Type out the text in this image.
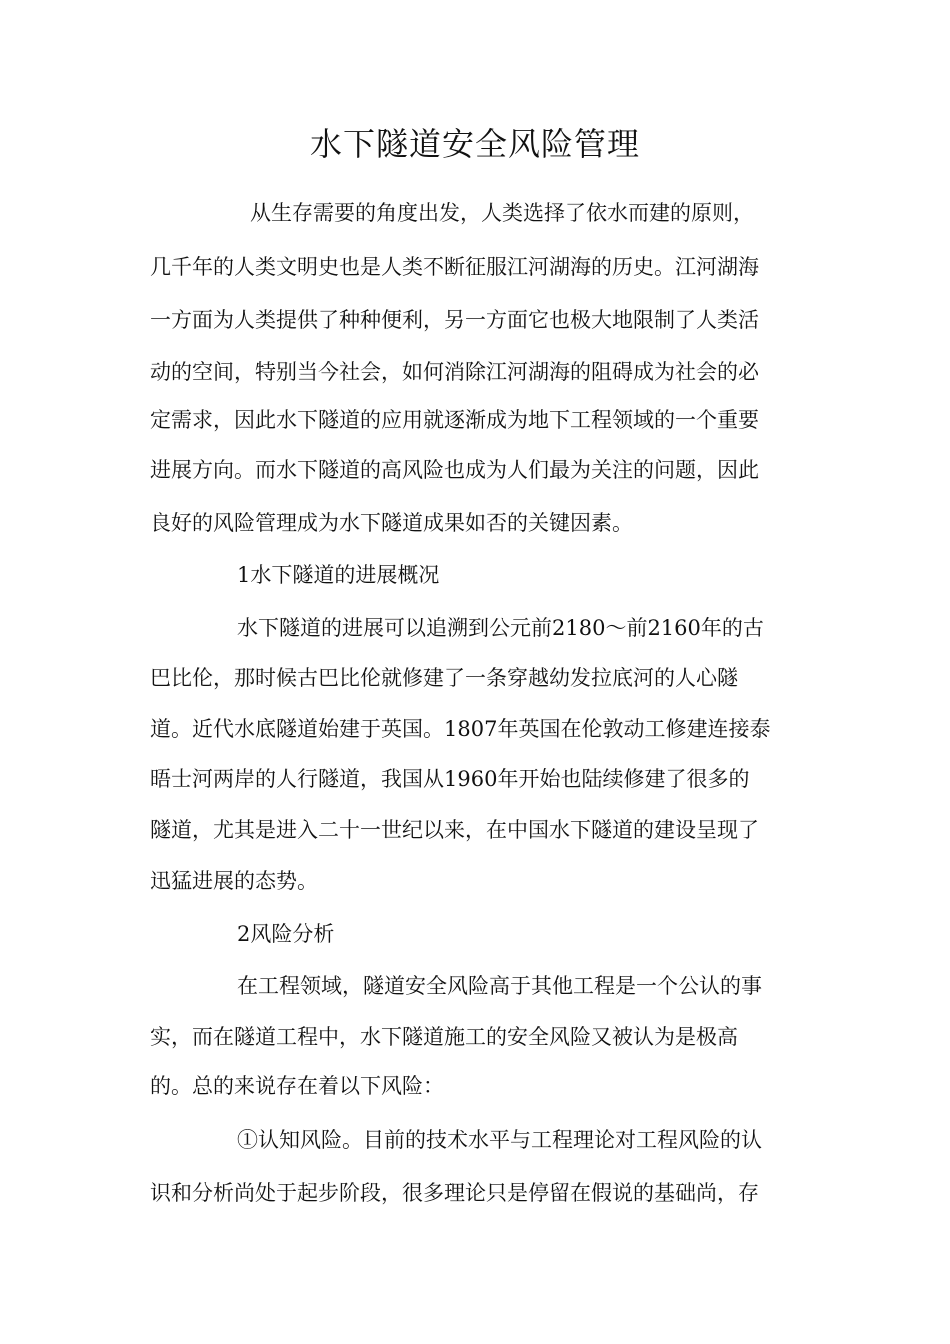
水下隧道安全风险管理

从生存需要的角度出发，人类选择了依水而建的原则，

几千年的人类文明史也是人类不断征服江河湖海的历史。江河湖海

一方面为人类提供了种种便利，另一方面它也极大地限制了人类活

动的空间，特别当今社会，如何消除江河湖海的阻碍成为社会的必

定需求，因此水下隧道的应用就逐渐成为地下工程领域的一个重要

进展方向。而水下隧道的高风险也成为人们最为关注的问题，因此

良好的风险管理成为水下隧道成果如否的关键因素。

1水下隧道的进展概况

水下隧道的进展可以追溯到公元前2180～前2160年的古

巴比伦，那时候古巴比伦就修建了一条穿越幼发拉底河的人心隧

道。近代水底隧道始建于英国。1807年英国在伦敦动工修建连接泰

晤士河两岸的人行隧道，我国从1960年开始也陆续修建了很多的

隧道，尤其是进入二十一世纪以来，在中国水下隧道的建设呈现了

迅猛进展的态势。

2风险分析

在工程领域，隧道安全风险高于其他工程是一个公认的事

实，而在隧道工程中，水下隧道施工的安全风险又被认为是极高

的。总的来说存在着以下风险：

①认知风险。目前的技术水平与工程理论对工程风险的认

识和分析尚处于起步阶段，很多理论只是停留在假说的基础尚，存
